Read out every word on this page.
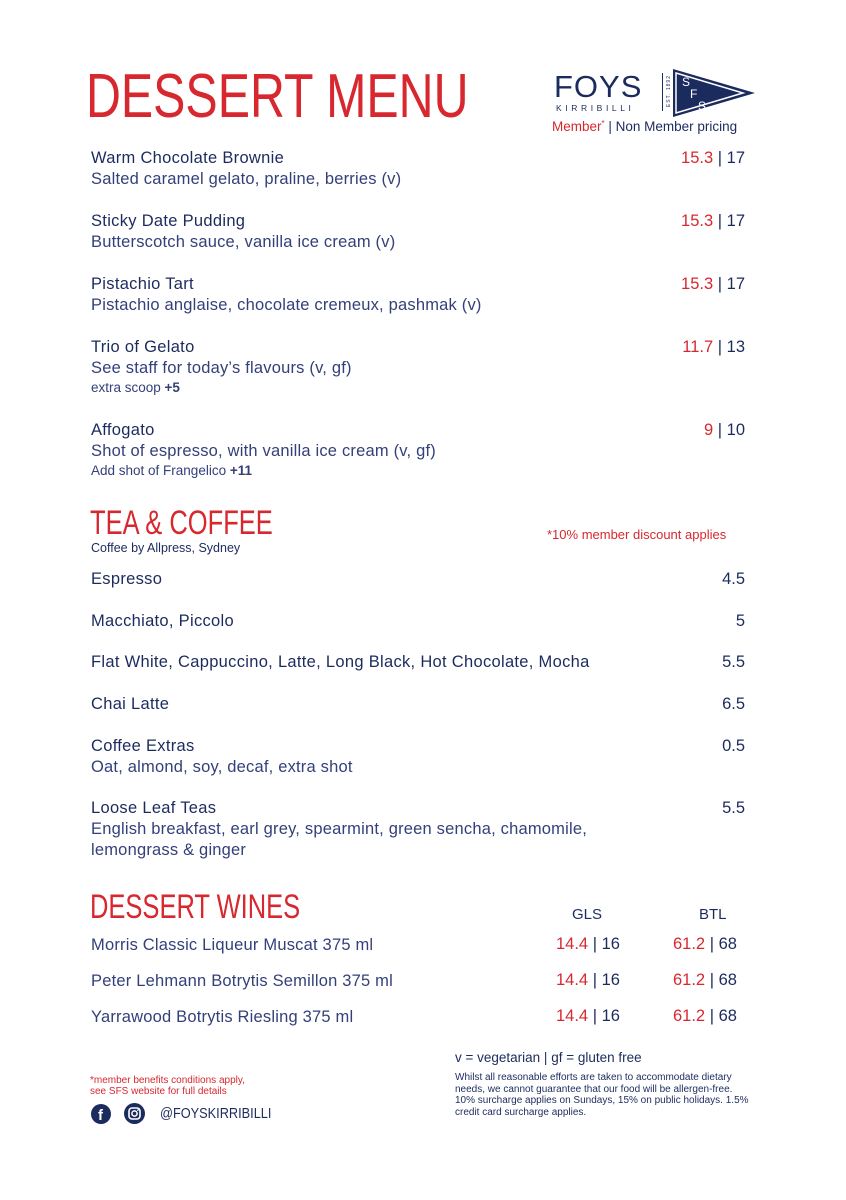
DESSERT MENU	FOYS
KIRRIBILLI
EST. 1892 S
F
S
Member* | Non Member pricing
Warm Chocolate Brownie
Salted caramel gelato, praline, berries (v)
15.3 | 17
Sticky Date Pudding
Butterscotch sauce, vanilla ice cream (v)
15.3 | 17
Pistachio Tart
Pistachio anglaise, chocolate cremeux, pashmak (v)
15.3 | 17
Trio of Gelato
See staff for today’s flavours (v, gf)
extra scoop +5
11.7 | 13
Affogato
Shot of espresso, with vanilla ice cream (v, gf)
Add shot of Frangelico +11
9 | 10
TEA & COFFEE
Coffee by Allpress, Sydney
*10% member discount applies
Espresso	4.5
Macchiato, Piccolo	5
Flat White, Cappuccino, Latte, Long Black, Hot Chocolate, Mocha	5.5
Chai Latte	6.5
Coffee Extras	0.5
Oat, almond, soy, decaf, extra shot
Loose Leaf Teas	5.5
English breakfast, earl grey, spearmint, green sencha, chamomile,
lemongrass & ginger
DESSERT WINES	GLS	BTL
Morris Classic Liqueur Muscat 375 ml	14.4 | 16	61.2 | 68
Peter Lehmann Botrytis Semillon 375 ml	14.4 | 16	61.2 | 68
Yarrawood Botrytis Riesling 375 ml	14.4 | 16	61.2 | 68
*member benefits conditions apply,
see SFS website for full details
f	@FOYSKIRRIBILLI
v = vegetarian | gf = gluten free
Whilst all reasonable efforts are taken to accommodate dietary needs, we cannot guarantee that our food will be allergen-free. 10% surcharge applies on Sundays, 15% on public holidays. 1.5% credit card surcharge applies.
